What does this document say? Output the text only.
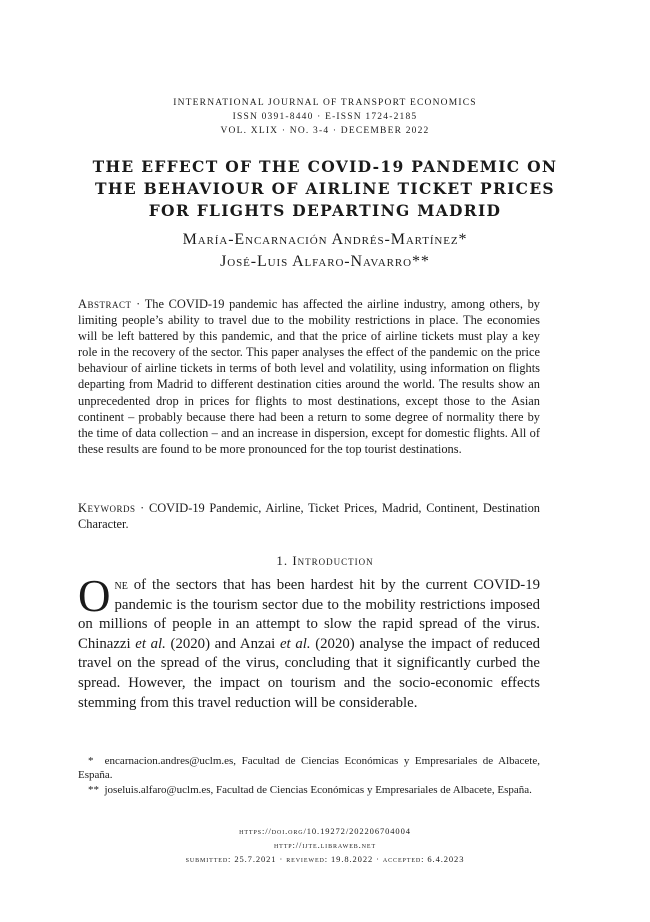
INTERNATIONAL JOURNAL OF TRANSPORT ECONOMICS
ISSN 0391-8440 · E-ISSN 1724-2185
VOL. XLIX · NO. 3-4 · DECEMBER 2022
THE EFFECT OF THE COVID-19 PANDEMIC ON
THE BEHAVIOUR OF AIRLINE TICKET PRICES
FOR FLIGHTS DEPARTING MADRID
María-Encarnación Andrés-Martínez*
José-Luis Alfaro-Navarro**
Abstract · The COVID-19 pandemic has affected the airline industry, among others, by limiting people’s ability to travel due to the mobility restrictions in place. The economies will be left battered by this pandemic, and that the price of airline tickets must play a key role in the recovery of the sector. This paper analyses the effect of the pandemic on the price behaviour of airline tickets in terms of both level and volatility, using information on flights departing from Madrid to different destination cities around the world. The results show an unprecedented drop in prices for flights to most destinations, except those to the Asian continent – probably because there had been a return to some degree of normality there by the time of data collection – and an increase in dispersion, except for domestic flights. All of these results are found to be more pronounced for the top tourist destinations.
Keywords · COVID-19 Pandemic, Airline, Ticket Prices, Madrid, Continent, Destination Character.
1. Introduction
One of the sectors that has been hardest hit by the current COVID-19 pandemic is the tourism sector due to the mobility restrictions imposed on millions of people in an attempt to slow the rapid spread of the virus. Chinazzi et al. (2020) and Anzai et al. (2020) analyse the impact of reduced travel on the spread of the virus, concluding that it significantly curbed the spread. However, the impact on tourism and the socio-economic effects stemming from this travel reduction will be considerable.

* encarnacion.andres@uclm.es, Facultad de Ciencias Económicas y Empresariales de Albacete, España.

** joseluis.alfaro@uclm.es, Facultad de Ciencias Económicas y Empresariales de Albacete, España.

https://doi.org/10.19272/202206704004
http://ijte.libraweb.net
submitted: 25.7.2021 · reviewed: 19.8.2022 · accepted: 6.4.2023
